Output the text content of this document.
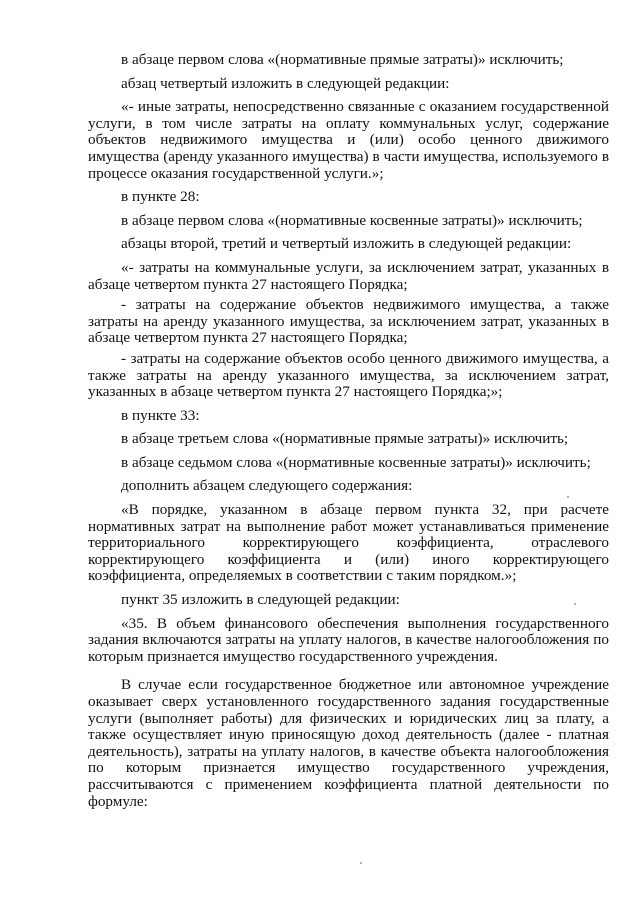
в абзаце первом слова «(нормативные прямые затраты)» исключить;

абзац четвертый изложить в следующей редакции:

«- иные затраты, непосредственно связанные с оказанием государственной услуги, в том числе затраты на оплату коммунальных услуг, содержание объектов недвижимого имущества и (или) особо ценного движимого имущества (аренду указанного имущества) в части имущества, используемого в процессе оказания государственной услуги.»;

в пункте 28:

в абзаце первом слова «(нормативные косвенные затраты)» исключить;

абзацы второй, третий и четвертый изложить в следующей редакции:

«- затраты на коммунальные услуги, за исключением затрат, указанных в абзаце четвертом пункта 27 настоящего Порядка;

- затраты на содержание объектов недвижимого имущества, а также затраты на аренду указанного имущества, за исключением затрат, указанных в абзаце четвертом пункта 27 настоящего Порядка;

- затраты на содержание объектов особо ценного движимого имущества, а также затраты на аренду указанного имущества, за исключением затрат, указанных в абзаце четвертом пункта 27 настоящего Порядка;»;

в пункте 33:

в абзаце третьем слова «(нормативные прямые затраты)» исключить;

в абзаце седьмом слова «(нормативные косвенные затраты)» исключить;

дополнить абзацем следующего содержания:

«В порядке, указанном в абзаце первом пункта 32, при расчете нормативных затрат на выполнение работ может устанавливаться применение территориального корректирующего коэффициента, отраслевого корректирующего коэффициента и (или) иного корректирующего коэффициента, определяемых в соответствии с таким порядком.»;

пункт 35 изложить в следующей редакции:

«35. В объем финансового обеспечения выполнения государственного задания включаются затраты на уплату налогов, в качестве налогообложения по которым признается имущество государственного учреждения.

В случае если государственное бюджетное или автономное учреждение оказывает сверх установленного государственного задания государственные услуги (выполняет работы) для физических и юридических лиц за плату, а также осуществляет иную приносящую доход деятельность (далее - платная деятельность), затраты на уплату налогов, в качестве объекта налогообложения по которым признается имущество государственного учреждения, рассчитываются с применением коэффициента платной деятельности по формуле:
